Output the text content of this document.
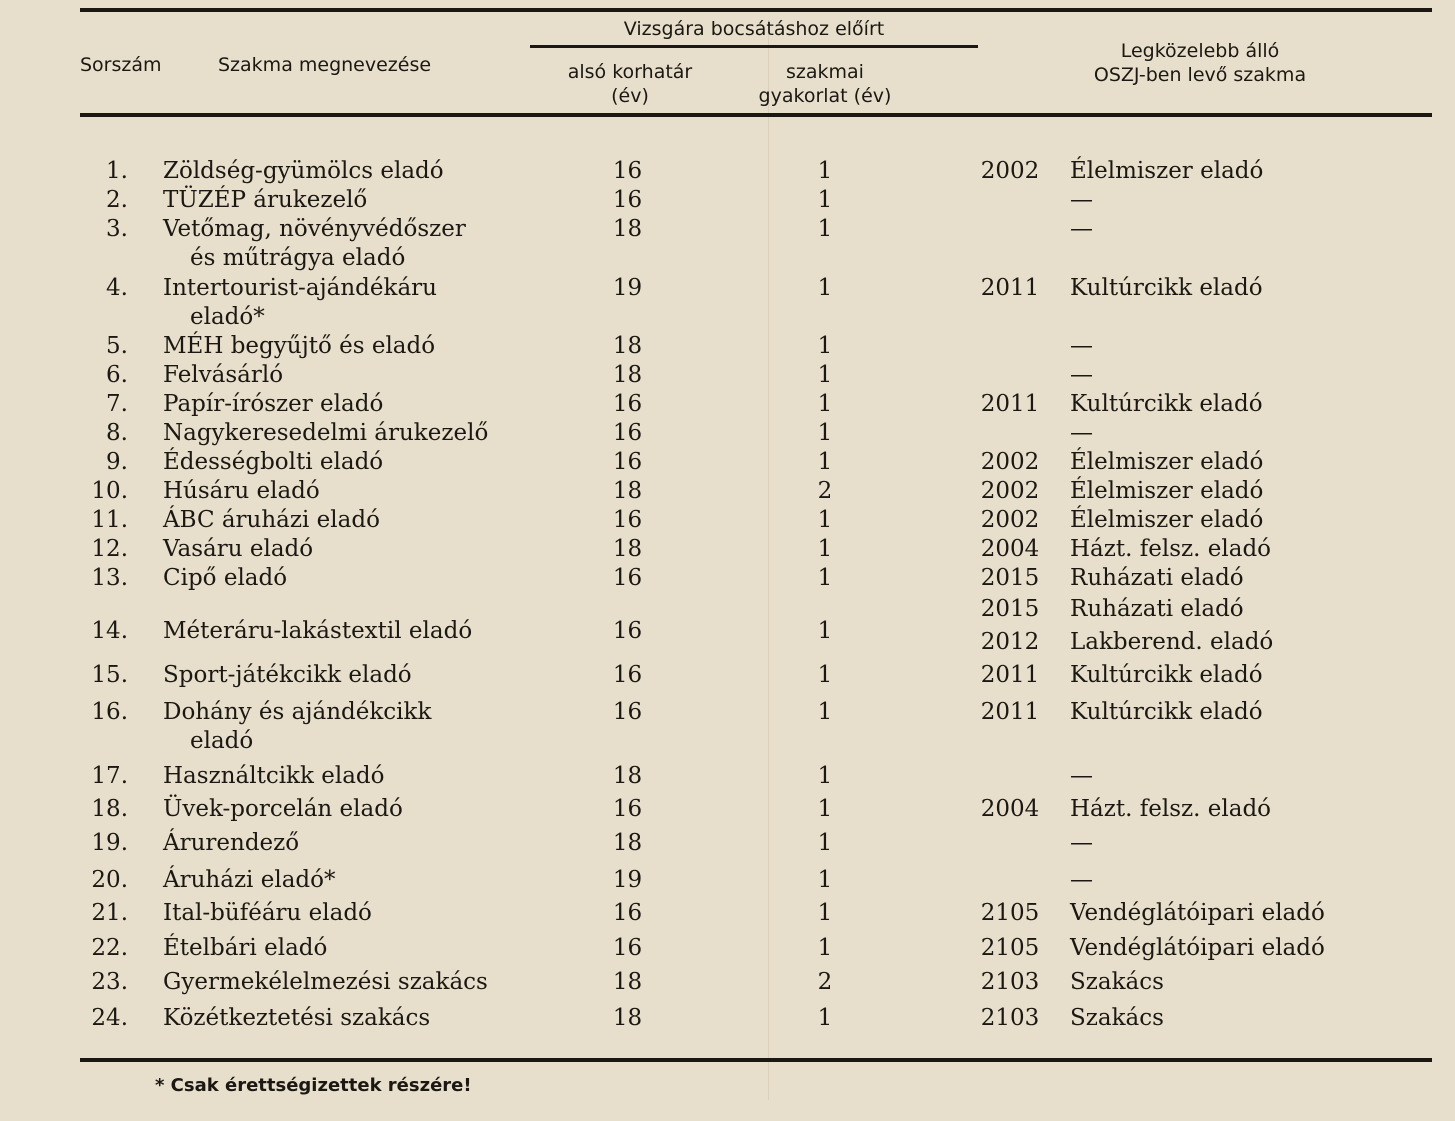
Sorszám	Szakma megnevezése
Vizsgára bocsátáshoz előírt
alsó korhatár
(év)
szakmai
gyakorlat (év)
Legközelebb álló
OSZJ-ben levő szakma
1. Zöldség-gyümölcs eladó	16	1	2002 Élelmiszer eladó
2. TÜZÉP árukezelő	16	1	—
3. Vetőmag, növényvédőszer	18	1	—
és műtrágya eladó
4. Intertourist-ajándékáru	19	1	2011 Kultúrcikk eladó
eladó*
5. MÉH begyűjtő és eladó	18	1	—
6. Felvásárló	18	1	—
7. Papír-írószer eladó	16	1	2011 Kultúrcikk eladó
8. Nagykeresedelmi árukezelő	16	1	—
9. Édességbolti eladó	16	1	2002 Élelmiszer eladó
10. Húsáru eladó	18	2	2002 Élelmiszer eladó
11. ÁBC áruházi eladó	16	1	2002 Élelmiszer eladó
12. Vasáru eladó	18	1	2004 Házt. felsz. eladó
13. Cipő eladó	16	1	2015 Ruházati eladó
14. Méteráru-lakástextil eladó	16	1
2015 Ruházati eladó
2012 Lakberend. eladó
15. Sport-játékcikk eladó	16	1	2011 Kultúrcikk eladó
16. Dohány és ajándékcikk	16	1	2011 Kultúrcikk eladó
eladó
17. Használtcikk eladó	18	1	—
18. Üvek-porcelán eladó	16	1	2004 Házt. felsz. eladó
19. Árurendező	18	1	—
20. Áruházi eladó*	19	1	—
21. Ital-büféáru eladó	16	1	2105 Vendéglátóipari eladó
22. Ételbári eladó	16	1	2105 Vendéglátóipari eladó
23. Gyermekélelmezési szakács	18	2	2103 Szakács
24. Közétkeztetési szakács	18	1	2103 Szakács
* Csak érettségizettek részére!
